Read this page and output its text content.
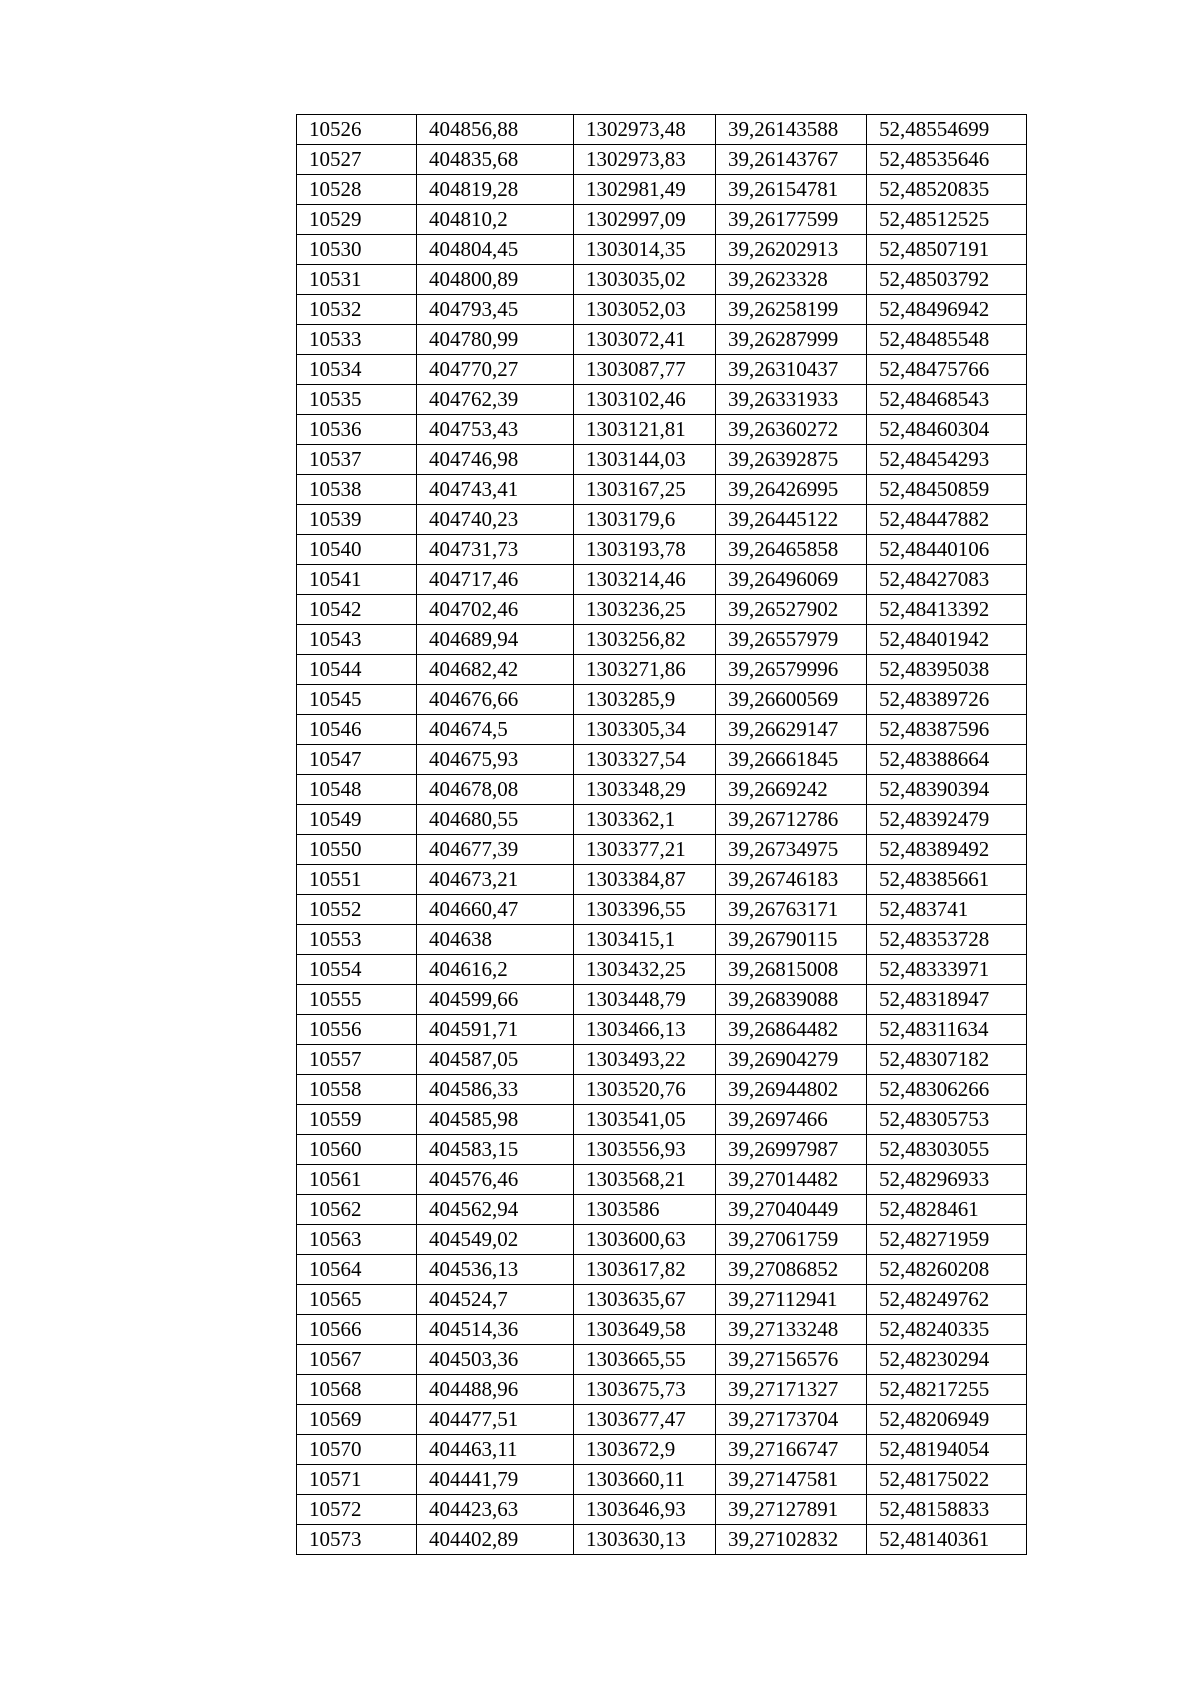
10526	404856,88	1302973,48	39,26143588	52,48554699
10527	404835,68	1302973,83	39,26143767	52,48535646
10528	404819,28	1302981,49	39,26154781	52,48520835
10529	404810,2	1302997,09	39,26177599	52,48512525
10530	404804,45	1303014,35	39,26202913	52,48507191
10531	404800,89	1303035,02	39,2623328	52,48503792
10532	404793,45	1303052,03	39,26258199	52,48496942
10533	404780,99	1303072,41	39,26287999	52,48485548
10534	404770,27	1303087,77	39,26310437	52,48475766
10535	404762,39	1303102,46	39,26331933	52,48468543
10536	404753,43	1303121,81	39,26360272	52,48460304
10537	404746,98	1303144,03	39,26392875	52,48454293
10538	404743,41	1303167,25	39,26426995	52,48450859
10539	404740,23	1303179,6	39,26445122	52,48447882
10540	404731,73	1303193,78	39,26465858	52,48440106
10541	404717,46	1303214,46	39,26496069	52,48427083
10542	404702,46	1303236,25	39,26527902	52,48413392
10543	404689,94	1303256,82	39,26557979	52,48401942
10544	404682,42	1303271,86	39,26579996	52,48395038
10545	404676,66	1303285,9	39,26600569	52,48389726
10546	404674,5	1303305,34	39,26629147	52,48387596
10547	404675,93	1303327,54	39,26661845	52,48388664
10548	404678,08	1303348,29	39,2669242	52,48390394
10549	404680,55	1303362,1	39,26712786	52,48392479
10550	404677,39	1303377,21	39,26734975	52,48389492
10551	404673,21	1303384,87	39,26746183	52,48385661
10552	404660,47	1303396,55	39,26763171	52,483741
10553	404638	1303415,1	39,26790115	52,48353728
10554	404616,2	1303432,25	39,26815008	52,48333971
10555	404599,66	1303448,79	39,26839088	52,48318947
10556	404591,71	1303466,13	39,26864482	52,48311634
10557	404587,05	1303493,22	39,26904279	52,48307182
10558	404586,33	1303520,76	39,26944802	52,48306266
10559	404585,98	1303541,05	39,2697466	52,48305753
10560	404583,15	1303556,93	39,26997987	52,48303055
10561	404576,46	1303568,21	39,27014482	52,48296933
10562	404562,94	1303586	39,27040449	52,4828461
10563	404549,02	1303600,63	39,27061759	52,48271959
10564	404536,13	1303617,82	39,27086852	52,48260208
10565	404524,7	1303635,67	39,27112941	52,48249762
10566	404514,36	1303649,58	39,27133248	52,48240335
10567	404503,36	1303665,55	39,27156576	52,48230294
10568	404488,96	1303675,73	39,27171327	52,48217255
10569	404477,51	1303677,47	39,27173704	52,48206949
10570	404463,11	1303672,9	39,27166747	52,48194054
10571	404441,79	1303660,11	39,27147581	52,48175022
10572	404423,63	1303646,93	39,27127891	52,48158833
10573	404402,89	1303630,13	39,27102832	52,48140361
